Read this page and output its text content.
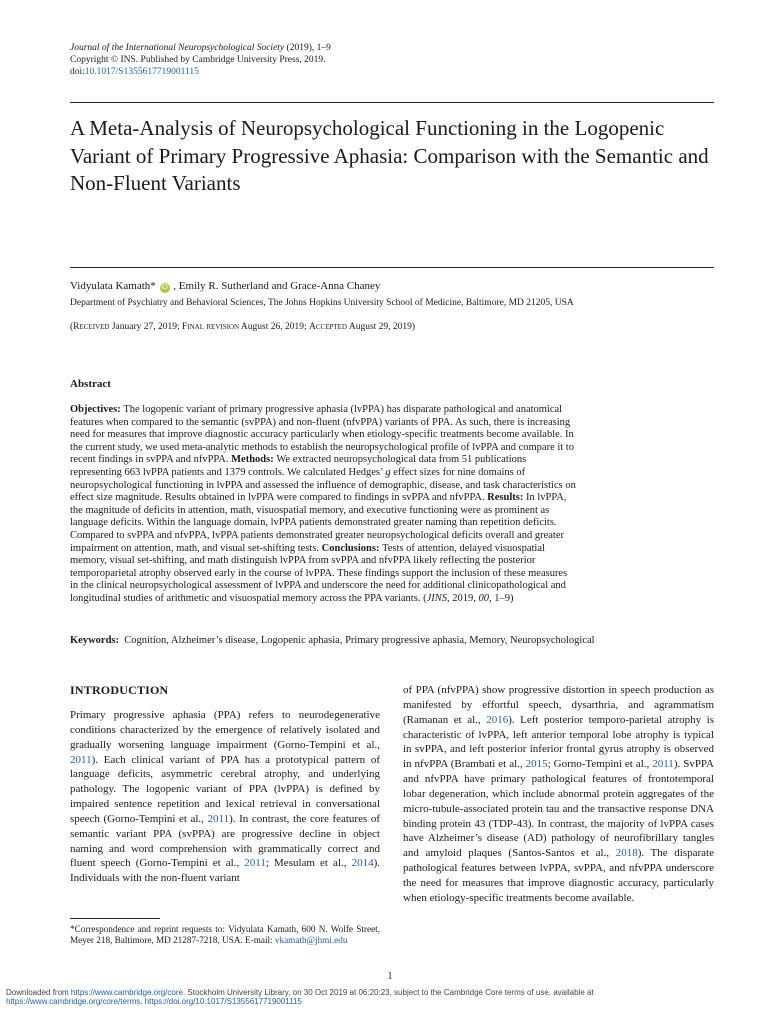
Journal of the International Neuropsychological Society (2019), 1–9
Copyright © INS. Published by Cambridge University Press, 2019.
doi:10.1017/S1355617719001115
A Meta-Analysis of Neuropsychological Functioning in the Logopenic Variant of Primary Progressive Aphasia: Comparison with the Semantic and Non-Fluent Variants
Vidyulata Kamath* iD , Emily R. Sutherland and Grace-Anna Chaney
Department of Psychiatry and Behavioral Sciences, The Johns Hopkins University School of Medicine, Baltimore, MD 21205, USA
(Received January 27, 2019; Final revision August 26, 2019; Accepted August 29, 2019)
Abstract

Objectives: The logopenic variant of primary progressive aphasia (lvPPA) has disparate pathological and anatomical

features when compared to the semantic (svPPA) and non-fluent (nfvPPA) variants of PPA. As such, there is increasing

need for measures that improve diagnostic accuracy particularly when etiology-specific treatments become available. In

the current study, we used meta-analytic methods to establish the neuropsychological profile of lvPPA and compare it to

recent findings in svPPA and nfvPPA. Methods: We extracted neuropsychological data from 51 publications

representing 663 lvPPA patients and 1379 controls. We calculated Hedges’ g effect sizes for nine domains of

neuropsychological functioning in lvPPA and assessed the influence of demographic, disease, and task characteristics on

effect size magnitude. Results obtained in lvPPA were compared to findings in svPPA and nfvPPA. Results: In lvPPA,

the magnitude of deficits in attention, math, visuospatial memory, and executive functioning were as prominent as

language deficits. Within the language domain, lvPPA patients demonstrated greater naming than repetition deficits.

Compared to svPPA and nfvPPA, lvPPA patients demonstrated greater neuropsychological deficits overall and greater

impairment on attention, math, and visual set-shifting tests. Conclusions: Tests of attention, delayed visuospatial

memory, visual set-shifting, and math distinguish lvPPA from svPPA and nfvPPA likely reflecting the posterior

temporoparietal atrophy observed early in the course of lvPPA. These findings support the inclusion of these measures

in the clinical neuropsychological assessment of lvPPA and underscore the need for additional clinicopathological and

longitudinal studies of arithmetic and visuospatial memory across the PPA variants. (JINS, 2019, 00, 1–9)

Keywords:  Cognition, Alzheimer’s disease, Logopenic aphasia, Primary progressive aphasia, Memory, Neuropsychological
INTRODUCTION

Primary progressive aphasia (PPA) refers to neurodegenerative conditions characterized by the emergence of relatively isolated and gradually worsening language impairment (Gorno-Tempini et al., 2011). Each clinical variant of PPA has a prototypical pattern of language deficits, asymmetric cerebral atrophy, and underlying pathology. The logopenic variant of PPA (lvPPA) is defined by impaired sentence repetition and lexical retrieval in conversational speech (Gorno-Tempini et al., 2011). In contrast, the core features of semantic variant PPA (svPPA) are progressive decline in object naming and word comprehension with grammatically correct and fluent speech (Gorno-Tempini et al., 2011; Mesulam et al., 2014). Individuals with the non-fluent variant

of PPA (nfvPPA) show progressive distortion in speech production as manifested by effortful speech, dysarthria, and agrammatism (Ramanan et al., 2016). Left posterior temporo-parietal atrophy is characteristic of lvPPA, left anterior temporal lobe atrophy is typical in svPPA, and left posterior inferior frontal gyrus atrophy is observed in nfvPPA (Brambati et al., 2015; Gorno-Tempini et al., 2011). SvPPA and nfvPPA have primary pathological features of frontotemporal lobar degeneration, which include abnormal protein aggregates of the micro-tubule-associated protein tau and the transactive response DNA binding protein 43 (TDP-43). In contrast, the majority of lvPPA cases have Alzheimer’s disease (AD) pathology of neurofibrillary tangles and amyloid plaques (Santos-Santos et al., 2018). The disparate pathological features between lvPPA, svPPA, and nfvPPA underscore the need for measures that improve diagnostic accuracy, particularly when etiology-specific treatments become available.

*Correspondence and reprint requests to: Vidyulata Kamath, 600 N. Wolfe Street, Meyer 218, Baltimore, MD 21287-7218, USA. E-mail: vkamath@jhmi.edu

1
Downloaded from https://www.cambridge.org/core. Stockholm University Library, on 30 Oct 2019 at 06:20:23, subject to the Cambridge Core terms of use, available at
https://www.cambridge.org/core/terms. https://doi.org/10.1017/S1355617719001115
